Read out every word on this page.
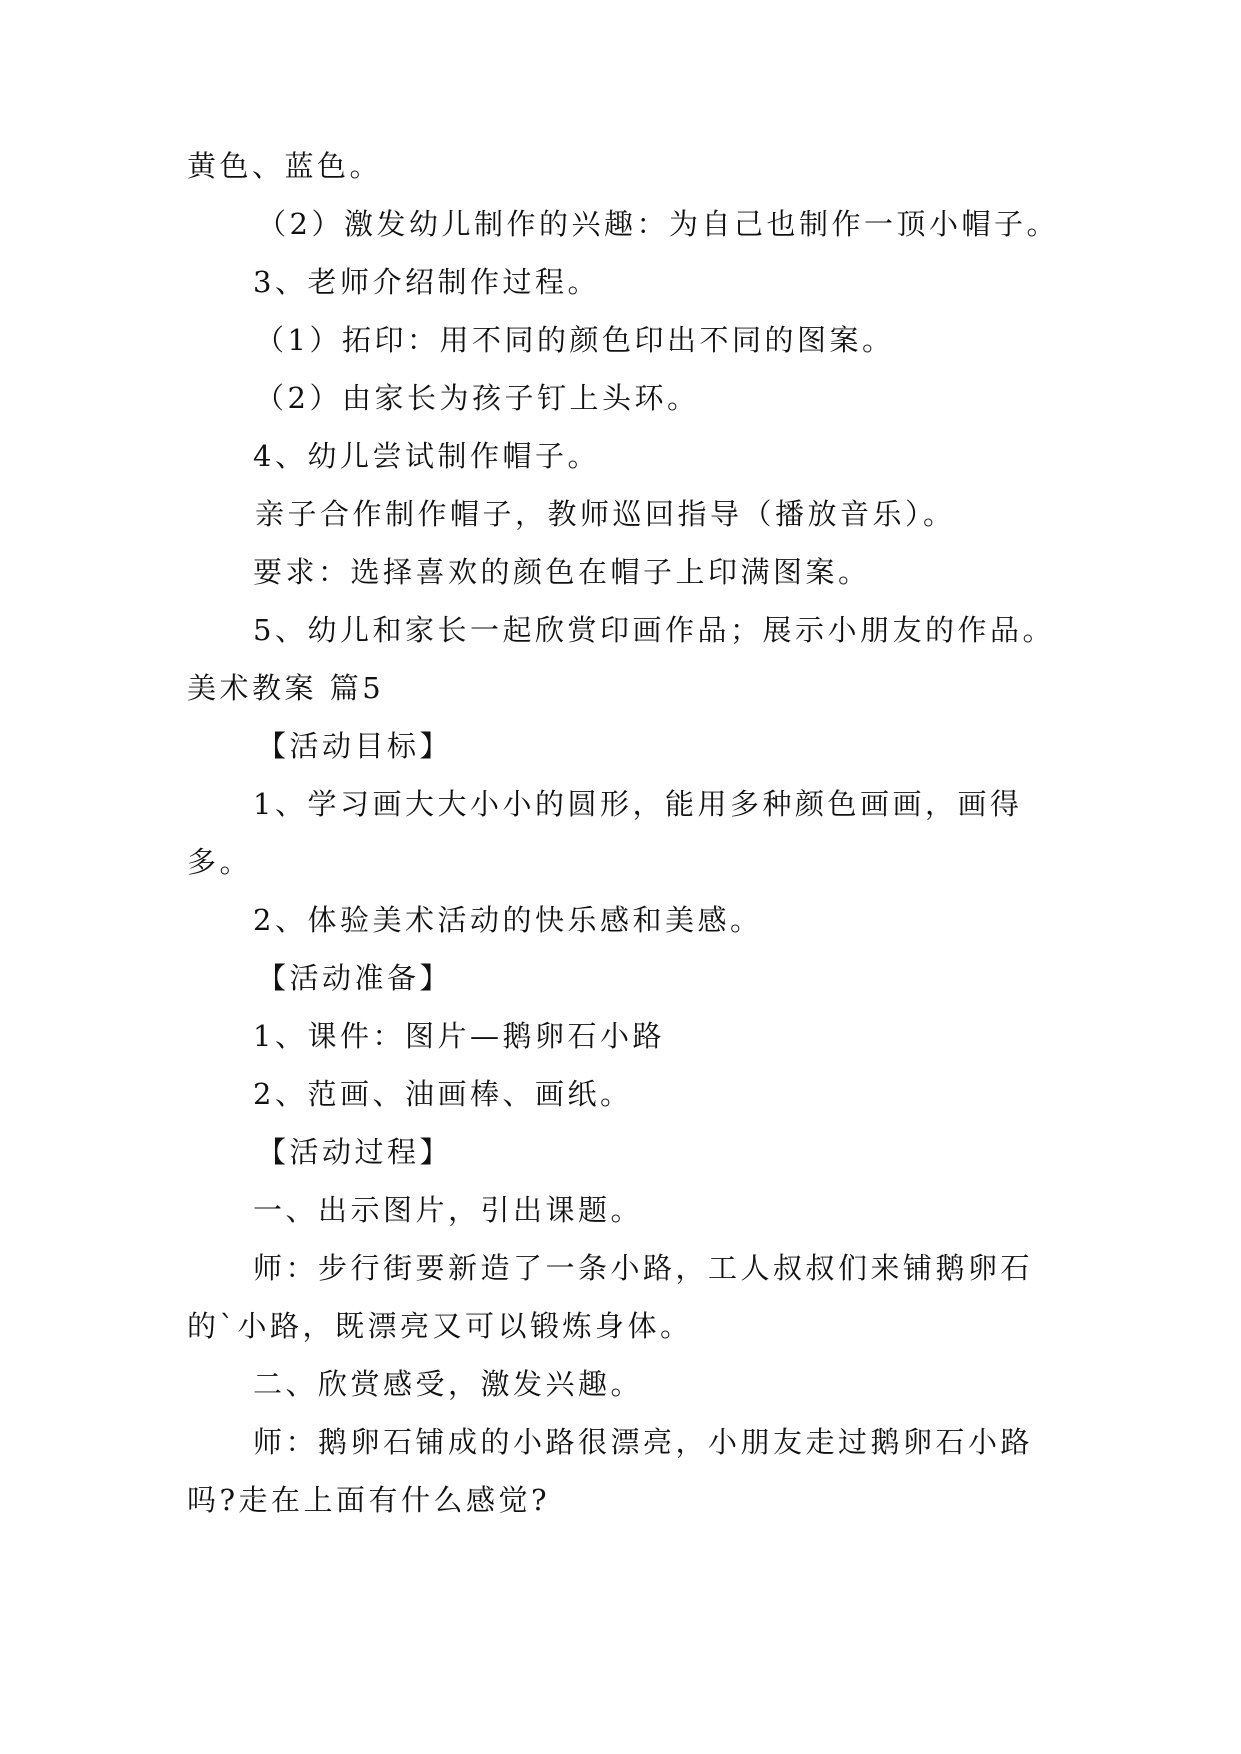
黄色、蓝色。
（2）激发幼儿制作的兴趣：为自己也制作一顶小帽子。
3、老师介绍制作过程。
（1）拓印：用不同的颜色印出不同的图案。
（2）由家长为孩子钉上头环。
4、幼儿尝试制作帽子。
亲子合作制作帽子，教师巡回指导（播放音乐）。
要求：选择喜欢的颜色在帽子上印满图案。
5、幼儿和家长一起欣赏印画作品；展示小朋友的作品。
美术教案 篇5
【活动目标】
1、学习画大大小小的圆形，能用多种颜色画画，画得
多。
2、体验美术活动的快乐感和美感。
【活动准备】
1、课件：图片—鹅卵石小路
2、范画、油画棒、画纸。
【活动过程】
一、出示图片，引出课题。
师：步行街要新造了一条小路，工人叔叔们来铺鹅卵石
的`小路，既漂亮又可以锻炼身体。
二、欣赏感受，激发兴趣。
师：鹅卵石铺成的小路很漂亮，小朋友走过鹅卵石小路
吗?走在上面有什么感觉?
